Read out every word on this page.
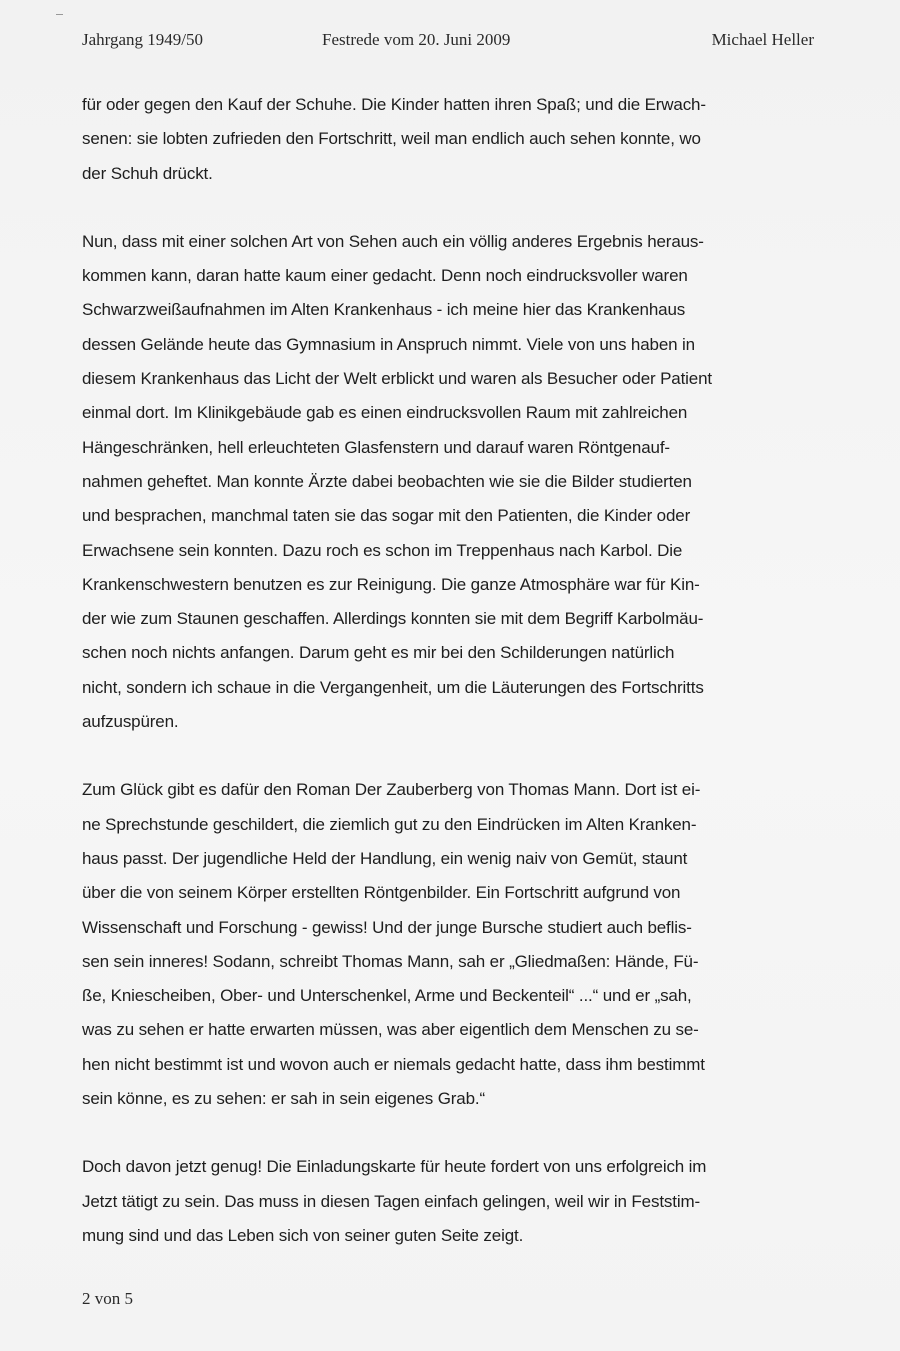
Jahrgang 1949/50	Festrede vom 20. Juni 2009	Michael Heller
für oder gegen den Kauf der Schuhe. Die Kinder hatten ihren Spaß; und die Erwach-
senen: sie lobten zufrieden den Fortschritt, weil man endlich auch sehen konnte, wo
der Schuh drückt.
Nun, dass mit einer solchen Art von Sehen auch ein völlig anderes Ergebnis heraus-
kommen kann, daran hatte kaum einer gedacht. Denn noch eindrucksvoller waren
Schwarzweißaufnahmen im Alten Krankenhaus - ich meine hier das Krankenhaus
dessen Gelände heute das Gymnasium in Anspruch nimmt. Viele von uns haben in
diesem Krankenhaus das Licht der Welt erblickt und waren als Besucher oder Patient
einmal dort. Im Klinikgebäude gab es einen eindrucksvollen Raum mit zahlreichen
Hängeschränken, hell erleuchteten Glasfenstern und darauf waren Röntgenauf-
nahmen geheftet. Man konnte Ärzte dabei beobachten wie sie die Bilder studierten
und besprachen, manchmal taten sie das sogar mit den Patienten, die Kinder oder
Erwachsene sein konnten. Dazu roch es schon im Treppenhaus nach Karbol. Die
Krankenschwestern benutzen es zur Reinigung. Die ganze Atmosphäre war für Kin-
der wie zum Staunen geschaffen. Allerdings konnten sie mit dem Begriff Karbolmäu-
schen noch nichts anfangen. Darum geht es mir bei den Schilderungen natürlich
nicht, sondern ich schaue in die Vergangenheit, um die Läuterungen des Fortschritts
aufzuspüren.
Zum Glück gibt es dafür den Roman Der Zauberberg von Thomas Mann. Dort ist ei-
ne Sprechstunde geschildert, die ziemlich gut zu den Eindrücken im Alten Kranken-
haus passt. Der jugendliche Held der Handlung, ein wenig naiv von Gemüt, staunt
über die von seinem Körper erstellten Röntgenbilder. Ein Fortschritt aufgrund von
Wissenschaft und Forschung - gewiss! Und der junge Bursche studiert auch beflis-
sen sein inneres! Sodann, schreibt Thomas Mann, sah er „Gliedmaßen: Hände, Fü-
ße, Kniescheiben, Ober- und Unterschenkel, Arme und Beckenteil“ ...“ und er „sah,
was zu sehen er hatte erwarten müssen, was aber eigentlich dem Menschen zu se-
hen nicht bestimmt ist und wovon auch er niemals gedacht hatte, dass ihm bestimmt
sein könne, es zu sehen: er sah in sein eigenes Grab.“
Doch davon jetzt genug! Die Einladungskarte für heute fordert von uns erfolgreich im
Jetzt tätigt zu sein. Das muss in diesen Tagen einfach gelingen, weil wir in Feststim-
mung sind und das Leben sich von seiner guten Seite zeigt.
2 von 5
